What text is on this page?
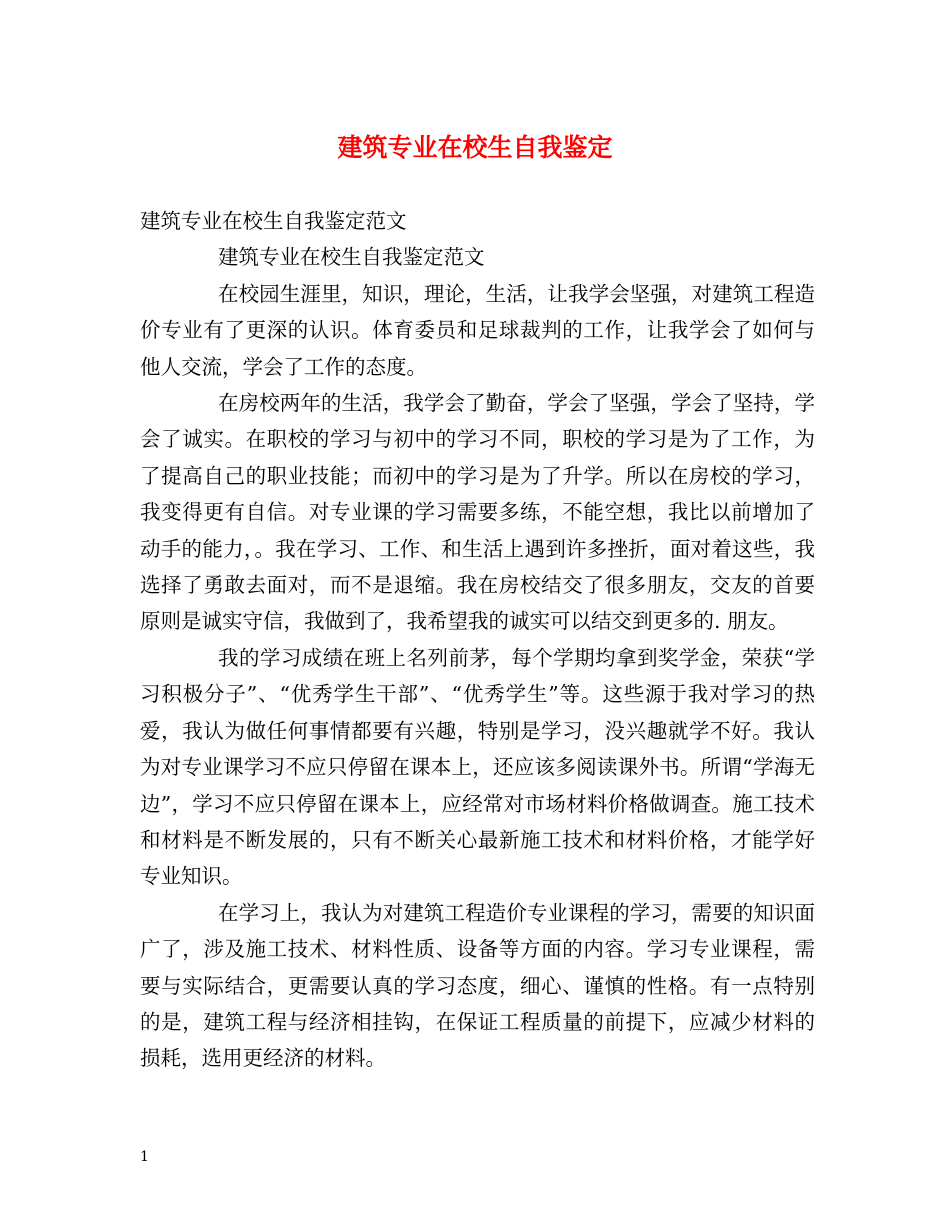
建筑专业在校生自我鉴定

建筑专业在校生自我鉴定范文

建筑专业在校生自我鉴定范文

在校园生涯里，知识，理论，生活，让我学会坚强，对建筑工程造价专业有了更深的认识。体育委员和足球裁判的工作，让我学会了如何与他人交流，学会了工作的态度。

在房校两年的生活，我学会了勤奋，学会了坚强，学会了坚持，学会了诚实。在职校的学习与初中的学习不同，职校的学习是为了工作，为了提高自己的职业技能；而初中的学习是为了升学。所以在房校的学习，我变得更有自信。对专业课的学习需要多练，不能空想，我比以前增加了动手的能力，。我在学习、工作、和生活上遇到许多挫折，面对着这些，我选择了勇敢去面对，而不是退缩。我在房校结交了很多朋友，交友的首要原则是诚实守信，我做到了，我希望我的诚实可以结交到更多的. 朋友。

我的学习成绩在班上名列前茅，每个学期均拿到奖学金，荣获“学习积极分子”、“优秀学生干部”、“优秀学生”等。这些源于我对学习的热爱，我认为做任何事情都要有兴趣，特别是学习，没兴趣就学不好。我认为对专业课学习不应只停留在课本上，还应该多阅读课外书。所谓“学海无边”，学习不应只停留在课本上，应经常对市场材料价格做调查。施工技术和材料是不断发展的，只有不断关心最新施工技术和材料价格，才能学好专业知识。

在学习上，我认为对建筑工程造价专业课程的学习，需要的知识面广了，涉及施工技术、材料性质、设备等方面的内容。学习专业课程，需要与实际结合，更需要认真的学习态度，细心、谨慎的性格。有一点特别的是，建筑工程与经济相挂钩，在保证工程质量的前提下，应减少材料的损耗，选用更经济的材料。

1
